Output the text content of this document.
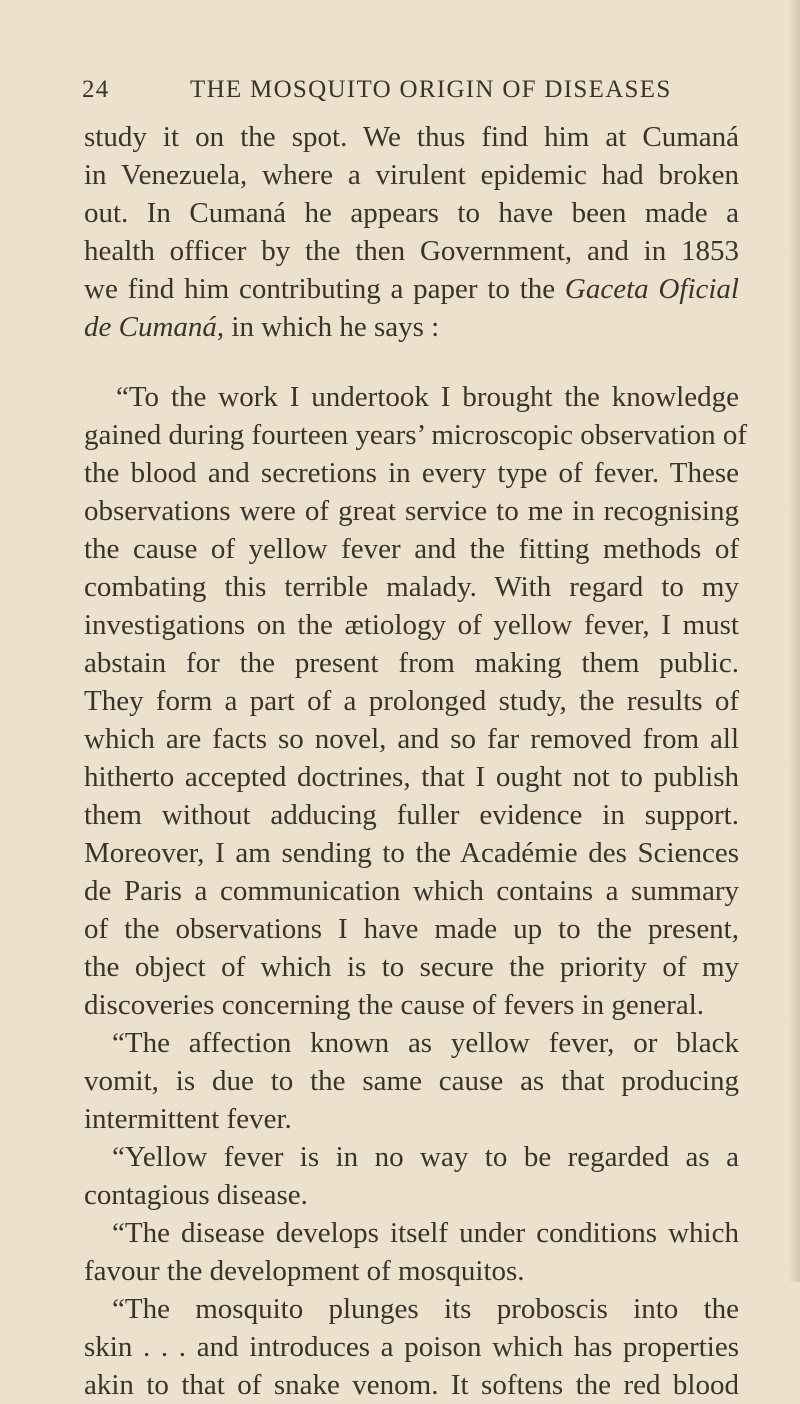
24	THE MOSQUITO ORIGIN OF DISEASES
study it on the spot. We thus find him at Cumaná
in Venezuela, where a virulent epidemic had broken
out. In Cumaná he appears to have been made a
health officer by the then Government, and in 1853
we find him contributing a paper to the Gaceta Oficial
de Cumaná, in which he says :
“To the work I undertook I brought the knowledge
gained during fourteen years’ microscopic observation of
the blood and secretions in every type of fever. These
observations were of great service to me in recognising
the cause of yellow fever and the fitting methods of
combating this terrible malady. With regard to my
investigations on the ætiology of yellow fever, I must
abstain for the present from making them public.
They form a part of a prolonged study, the results of
which are facts so novel, and so far removed from all
hitherto accepted doctrines, that I ought not to publish
them without adducing fuller evidence in support.
Moreover, I am sending to the Académie des Sciences
de Paris a communication which contains a summary
of the observations I have made up to the present,
the object of which is to secure the priority of my
discoveries concerning the cause of fevers in general.
“The affection known as yellow fever, or black
vomit, is due to the same cause as that producing
intermittent fever.
“Yellow fever is in no way to be regarded as a
contagious disease.
“The disease develops itself under conditions which
favour the development of mosquitos.
“The mosquito plunges its proboscis into the
skin . . . and introduces a poison which has properties
akin to that of snake venom. It softens the red blood
